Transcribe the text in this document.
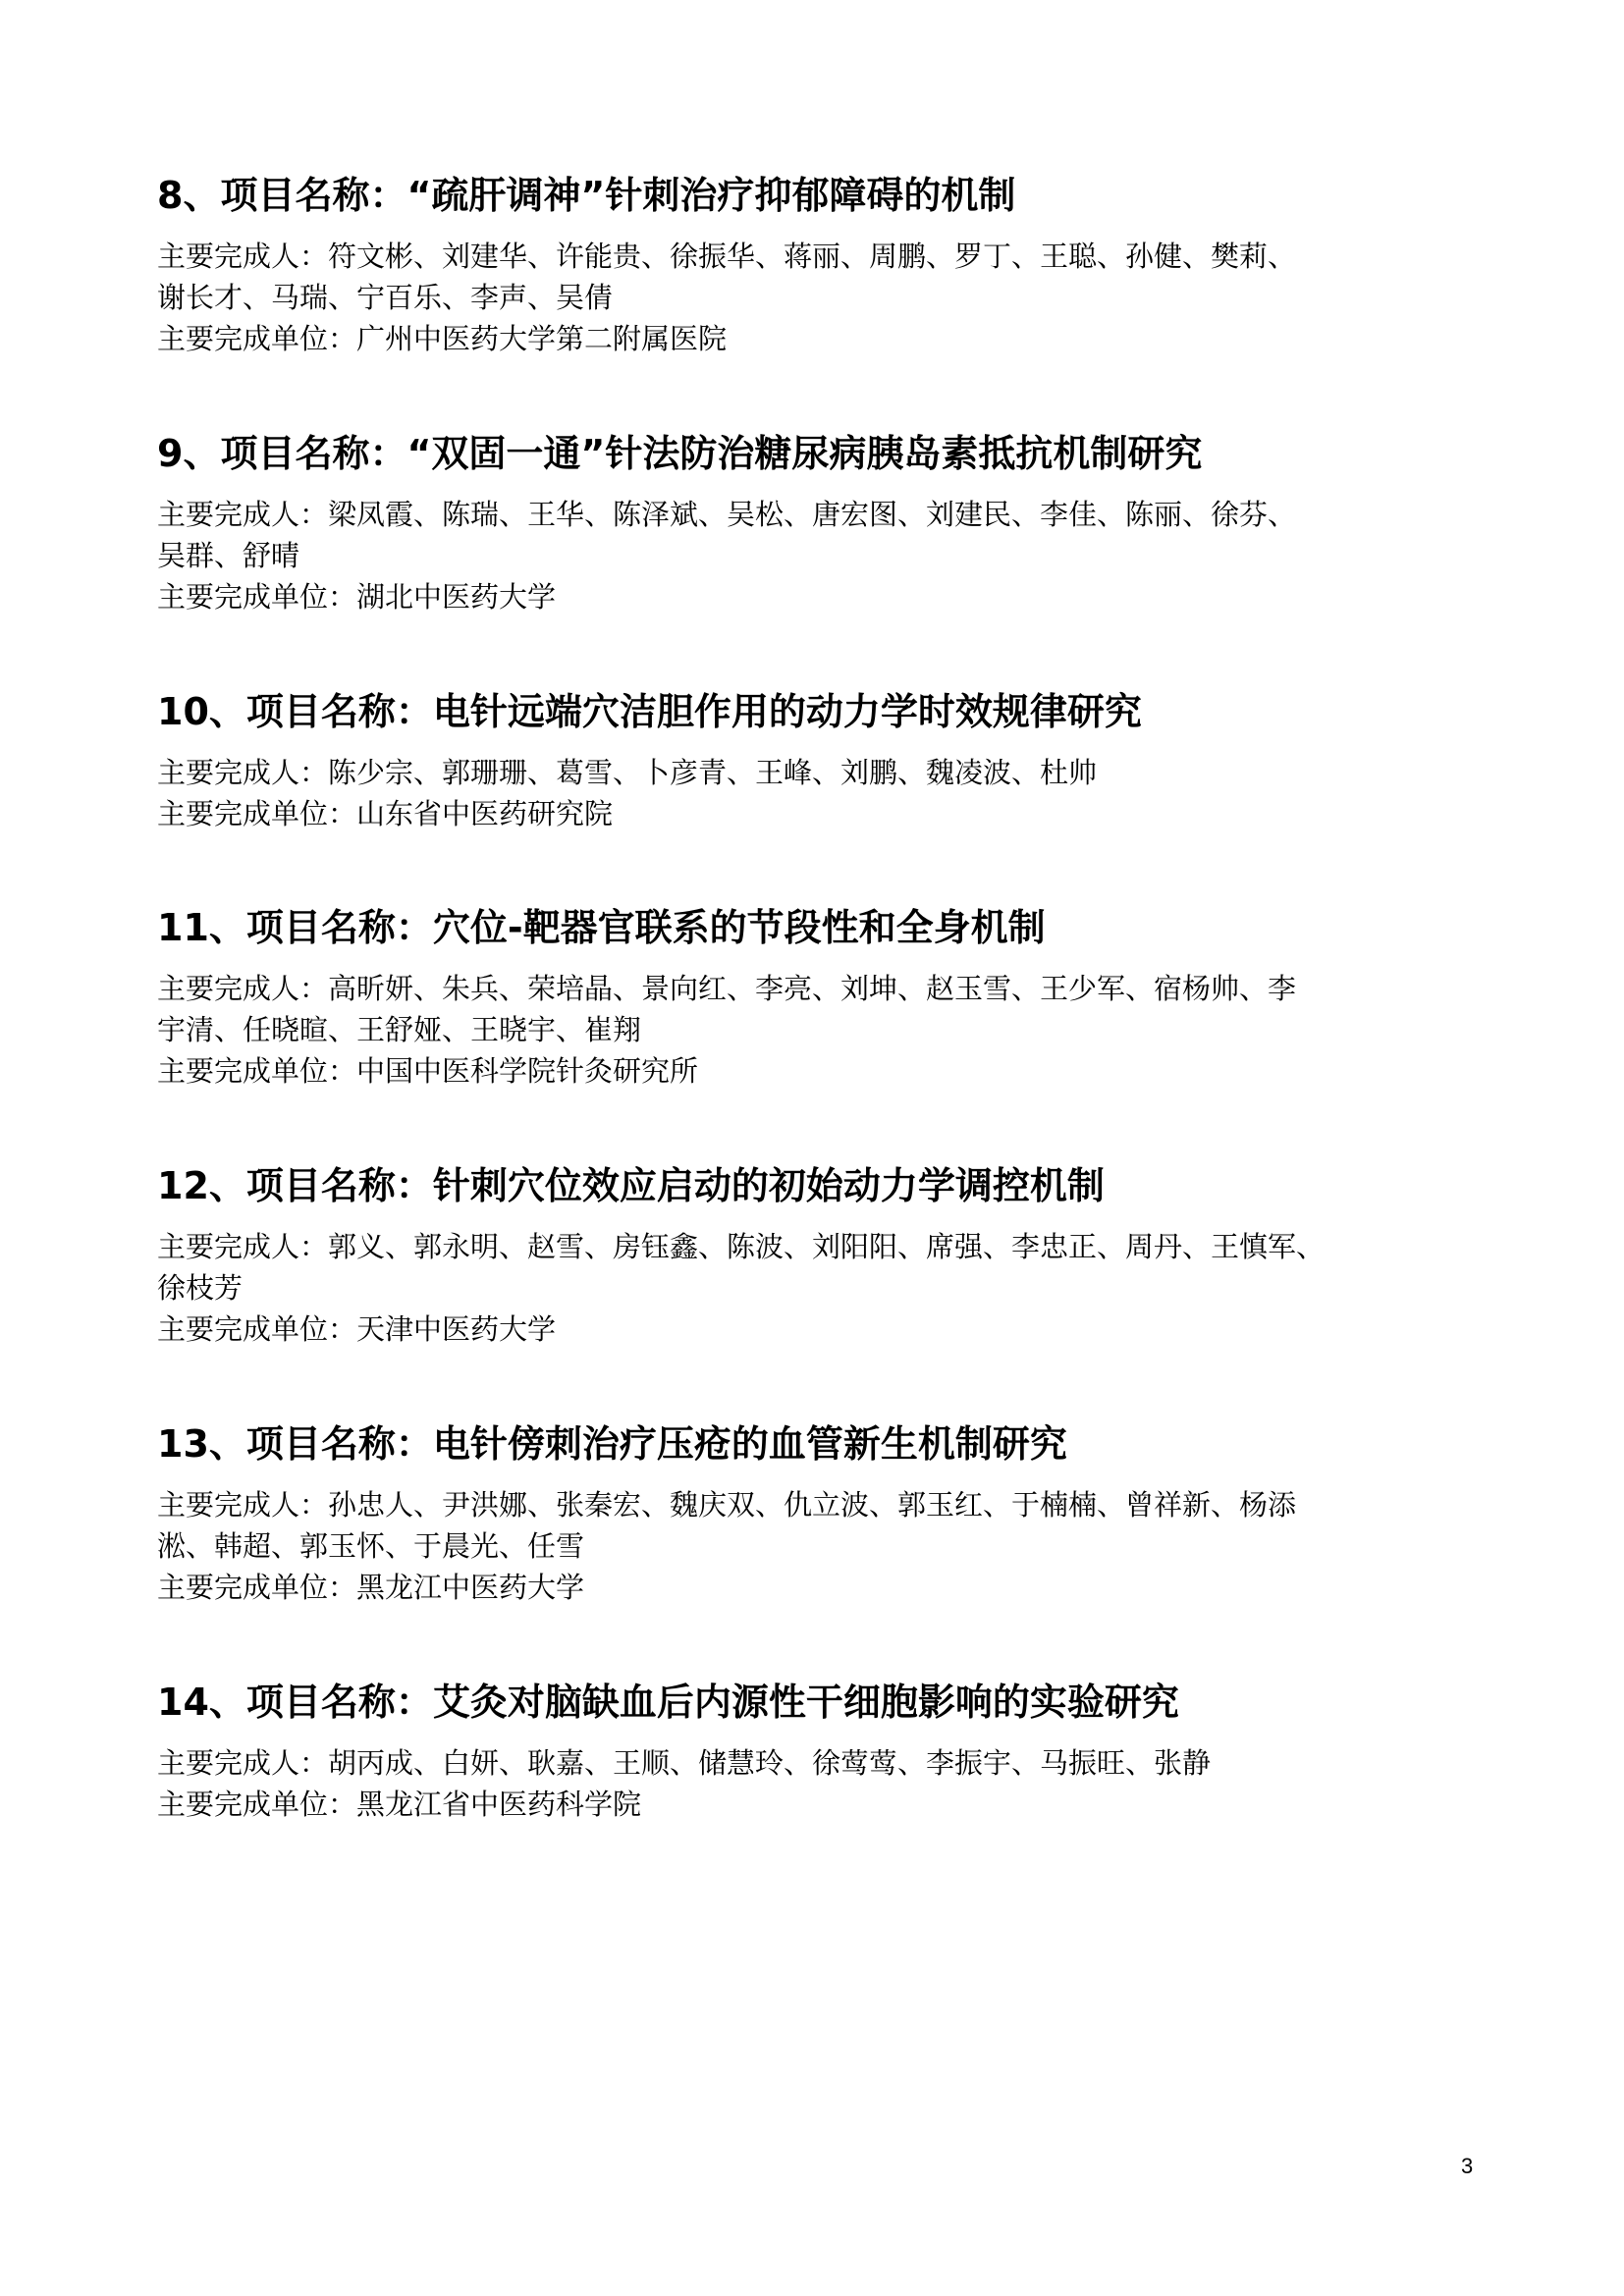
8、项目名称：“疏肝调神”针刺治疗抑郁障碍的机制
主要完成人：符文彬、刘建华、许能贵、徐振华、蒋丽、周鹏、罗丁、王聪、孙健、樊莉、
谢长才、马瑞、宁百乐、李声、吴倩
主要完成单位：广州中医药大学第二附属医院
9、项目名称：“双固一通”针法防治糖尿病胰岛素抵抗机制研究
主要完成人：梁凤霞、陈瑞、王华、陈泽斌、吴松、唐宏图、刘建民、李佳、陈丽、徐芬、
吴群、舒晴
主要完成单位：湖北中医药大学
10、项目名称：电针远端穴洁胆作用的动力学时效规律研究
主要完成人：陈少宗、郭珊珊、葛雪、卜彦青、王峰、刘鹏、魏凌波、杜帅
主要完成单位：山东省中医药研究院
11、项目名称：穴位-靶器官联系的节段性和全身机制
主要完成人：高昕妍、朱兵、荣培晶、景向红、李亮、刘坤、赵玉雪、王少军、宿杨帅、李
宇清、任晓暄、王舒娅、王晓宇、崔翔
主要完成单位：中国中医科学院针灸研究所
12、项目名称：针刺穴位效应启动的初始动力学调控机制
主要完成人：郭义、郭永明、赵雪、房钰鑫、陈波、刘阳阳、席强、李忠正、周丹、王慎军、
徐枝芳
主要完成单位：天津中医药大学
13、项目名称：电针傍刺治疗压疮的血管新生机制研究
主要完成人：孙忠人、尹洪娜、张秦宏、魏庆双、仇立波、郭玉红、于楠楠、曾祥新、杨添
淞、韩超、郭玉怀、于晨光、任雪
主要完成单位：黑龙江中医药大学
14、项目名称：艾灸对脑缺血后内源性干细胞影响的实验研究
主要完成人：胡丙成、白妍、耿嘉、王顺、储慧玲、徐莺莺、李振宇、马振旺、张静
主要完成单位：黑龙江省中医药科学院
3
